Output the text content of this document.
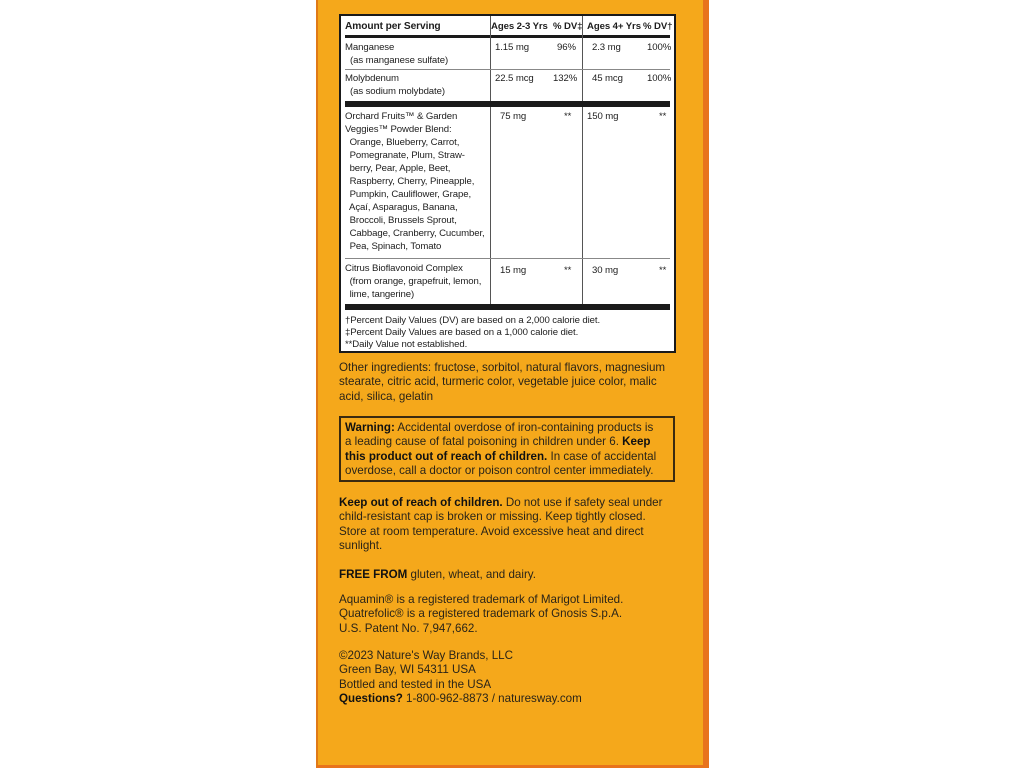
Amount per Serving	Ages 2-3 Yrs % DV‡ Ages 4+ Yrs % DV†
Manganese
(as manganese sulfate)
1.15 mg	96% 2.3 mg	100%
Molybdenum
(as sodium molybdate)
22.5 mcg 132% 45 mcg	100%
Orchard Fruits™ & Garden
Veggies™ Powder Blend:
Orange, Blueberry, Carrot,
Pomegranate, Plum, Straw-
berry, Pear, Apple, Beet,
Raspberry, Cherry, Pineapple,
Pumpkin, Cauliflower, Grape,
Açaí, Asparagus, Banana,
Broccoli, Brussels Sprout,
Cabbage, Cranberry, Cucumber,
Pea, Spinach, Tomato
75 mg	** 150 mg	**
Citrus Bioflavonoid Complex
(from orange, grapefruit, lemon,
lime, tangerine)
15 mg	** 30 mg	**
†Percent Daily Values (DV) are based on a 2,000 calorie diet.
‡Percent Daily Values are based on a 1,000 calorie diet.
**Daily Value not established.
Other ingredients: fructose, sorbitol, natural flavors, magnesium
stearate, citric acid, turmeric color, vegetable juice color, malic
acid, silica, gelatin
Warning: Accidental overdose of iron-containing products is
a leading cause of fatal poisoning in children under 6. Keep
this product out of reach of children. In case of accidental
overdose, call a doctor or poison control center immediately.
Keep out of reach of children. Do not use if safety seal under
child-resistant cap is broken or missing. Keep tightly closed.
Store at room temperature. Avoid excessive heat and direct
sunlight.
FREE FROM gluten, wheat, and dairy.
Aquamin® is a registered trademark of Marigot Limited.
Quatrefolic® is a registered trademark of Gnosis S.p.A.
U.S. Patent No. 7,947,662.
©2023 Nature's Way Brands, LLC
Green Bay, WI 54311 USA
Bottled and tested in the USA
Questions? 1-800-962-8873 / naturesway.com
